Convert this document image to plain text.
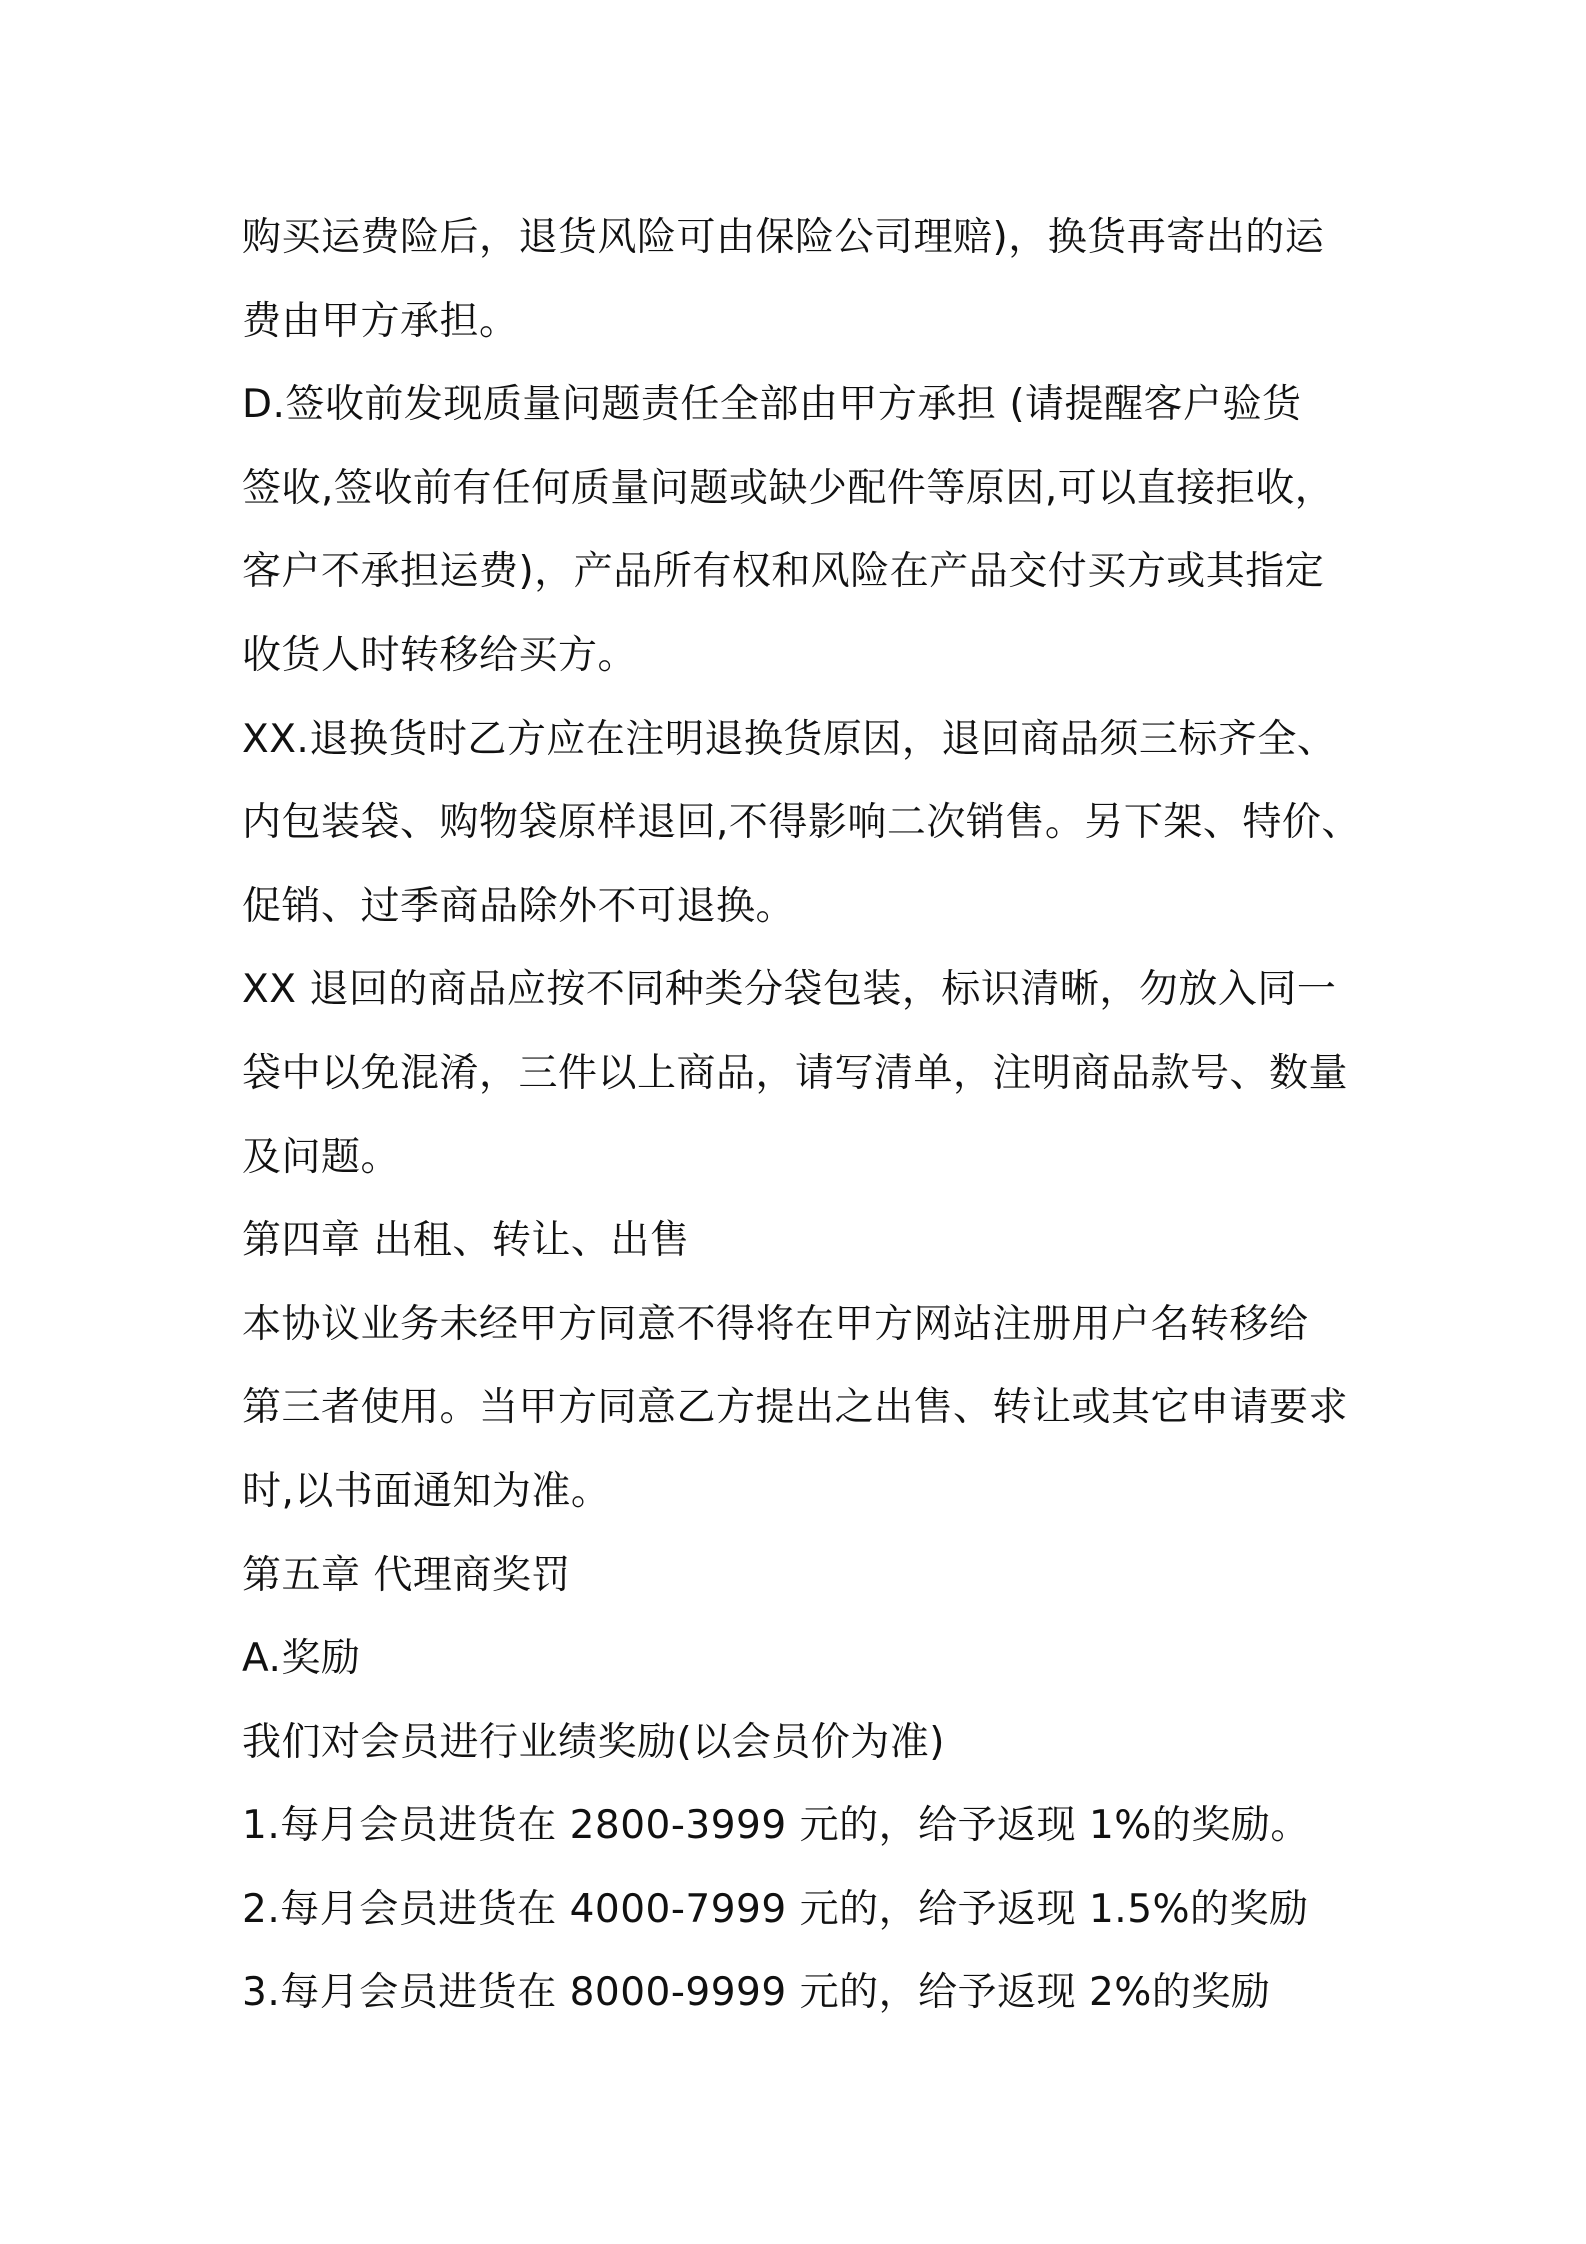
购买运费险后，退货风险可由保险公司理赔)，换货再寄出的运
费由甲方承担。
D.签收前发现质量问题责任全部由甲方承担 (请提醒客户验货
签收,签收前有任何质量问题或缺少配件等原因,可以直接拒收，
客户不承担运费)，产品所有权和风险在产品交付买方或其指定
收货人时转移给买方。
XX.退换货时乙方应在注明退换货原因，退回商品须三标齐全、
内包装袋、购物袋原样退回,不得影响二次销售。另下架、特价、
促销、过季商品除外不可退换。
XX 退回的商品应按不同种类分袋包装，标识清晰，勿放入同一
袋中以免混淆，三件以上商品，请写清单，注明商品款号、数量
及问题。
第四章 出租、转让、出售
本协议业务未经甲方同意不得将在甲方网站注册用户名转移给
第三者使用。当甲方同意乙方提出之出售、转让或其它申请要求
时,以书面通知为准。
第五章 代理商奖罚
A.奖励
我们对会员进行业绩奖励(以会员价为准)
1.每月会员进货在 2800-3999 元的，给予返现 1%的奖励。
2.每月会员进货在 4000-7999 元的，给予返现 1.5%的奖励
3.每月会员进货在 8000-9999 元的，给予返现 2%的奖励
